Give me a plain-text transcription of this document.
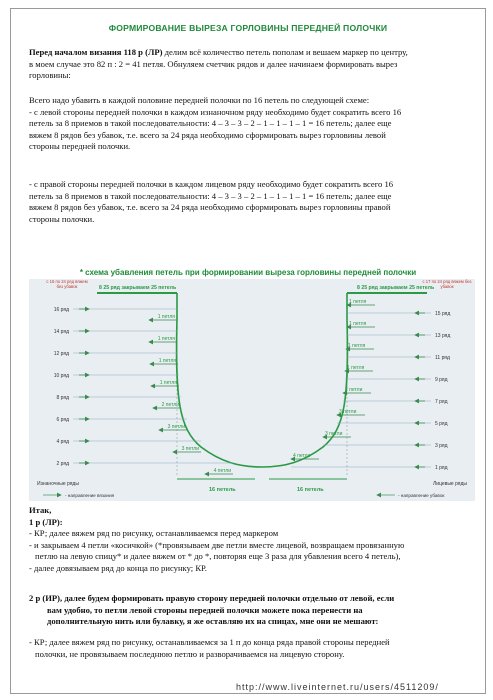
ФОРМИРОВАНИЕ ВЫРЕЗА ГОРЛОВИНЫ ПЕРЕДНЕЙ ПОЛОЧКИ
Перед началом визания 118 р (ЛР) делим всё количество петель пополам и вешаем маркер по центру,
в моем случае это 82 п : 2 = 41 петля. Обнуляем счетчик рядов и далее начинаем формировать вырез
горловины:
Всего надо убавить в каждой половине передней полочки по 16 петель по следующей схеме:
- с левой стороны передней полочки в каждом изнаночном ряду необходимо будет сократить всего 16
петель за 8 приемов в такой последовательности: 4 – 3 – 3 – 2 – 1 – 1 – 1 – 1 = 16 петель; далее еще
вяжем 8 рядов без убавок, т.е. всего за 24 ряда необходимо сформировать вырез горловины левой
стороны передней полочки.
- с правой стороны передней полочки в каждом лицевом ряду необходимо будет сократить всего 16
петель за 8 приемов в такой последовательности: 4 – 3 – 3 – 2 – 1 – 1 – 1 – 1 = 16 петель; далее еще
вяжем 8 рядов без убавок, т.е. всего за 24 ряда необходимо сформировать вырез горловины правой
стороны полочки.
* схема убавления петель при формировании выреза горловины передней полочки
8 25 ряд закрываем 25 петель	8 25 ряд закрываем 25 петель
с 16 по 24 ряд вяжем без убавок
с 17 по 24 ряд вяжем без убавок
16 ряд
1 петля
14 ряд
1 петля
12 ряд
1 петля
10 ряд
1 петля
8 ряд
2 петли
6 ряд
3 петли
4 ряд
3 петли
2 ряд
4 петли
15 ряд
1 петля
13 ряд
1 петля
11 ряд
1 петля
9 ряд
1 петля
7 ряд
2 петли
5 ряд
3 петли
3 ряд
3 петли
1 ряд
4 петли
16 петель	16 петель
Изнаночные ряды	Лицевые ряды
- направление вязания	- направление убавок
Итак,
1 р (ЛР):
- КР; далее вяжем ряд по рисунку, останавливаемся перед маркером
- и закрываем 4 петли «косичкой» (*провязываем две петли вместе лицевой, возвращаем провязанную
петлю на левую спицу* и далее вяжем от * до *, повторяя еще 3 раза для убавления всего 4 петель),
- далее довязываем ряд до конца по рисунку; КР.
2 р (ИР), далее будем формировать правую сторону передней полочки отдельно от левой, если
вам удобно, то петли левой стороны передней полочки можете пока перенести на
дополнительную нить или булавку, я же оставляю их на спицах, мне они не мешают:
- КР; далее вяжем ряд по рисунку, останавливаемся за 1 п до конца ряда правой стороны передней
полочки, не провязываем последнюю петлю и разворачиваемся на лицевую сторону.
http://www.liveinternet.ru/users/4511209/
